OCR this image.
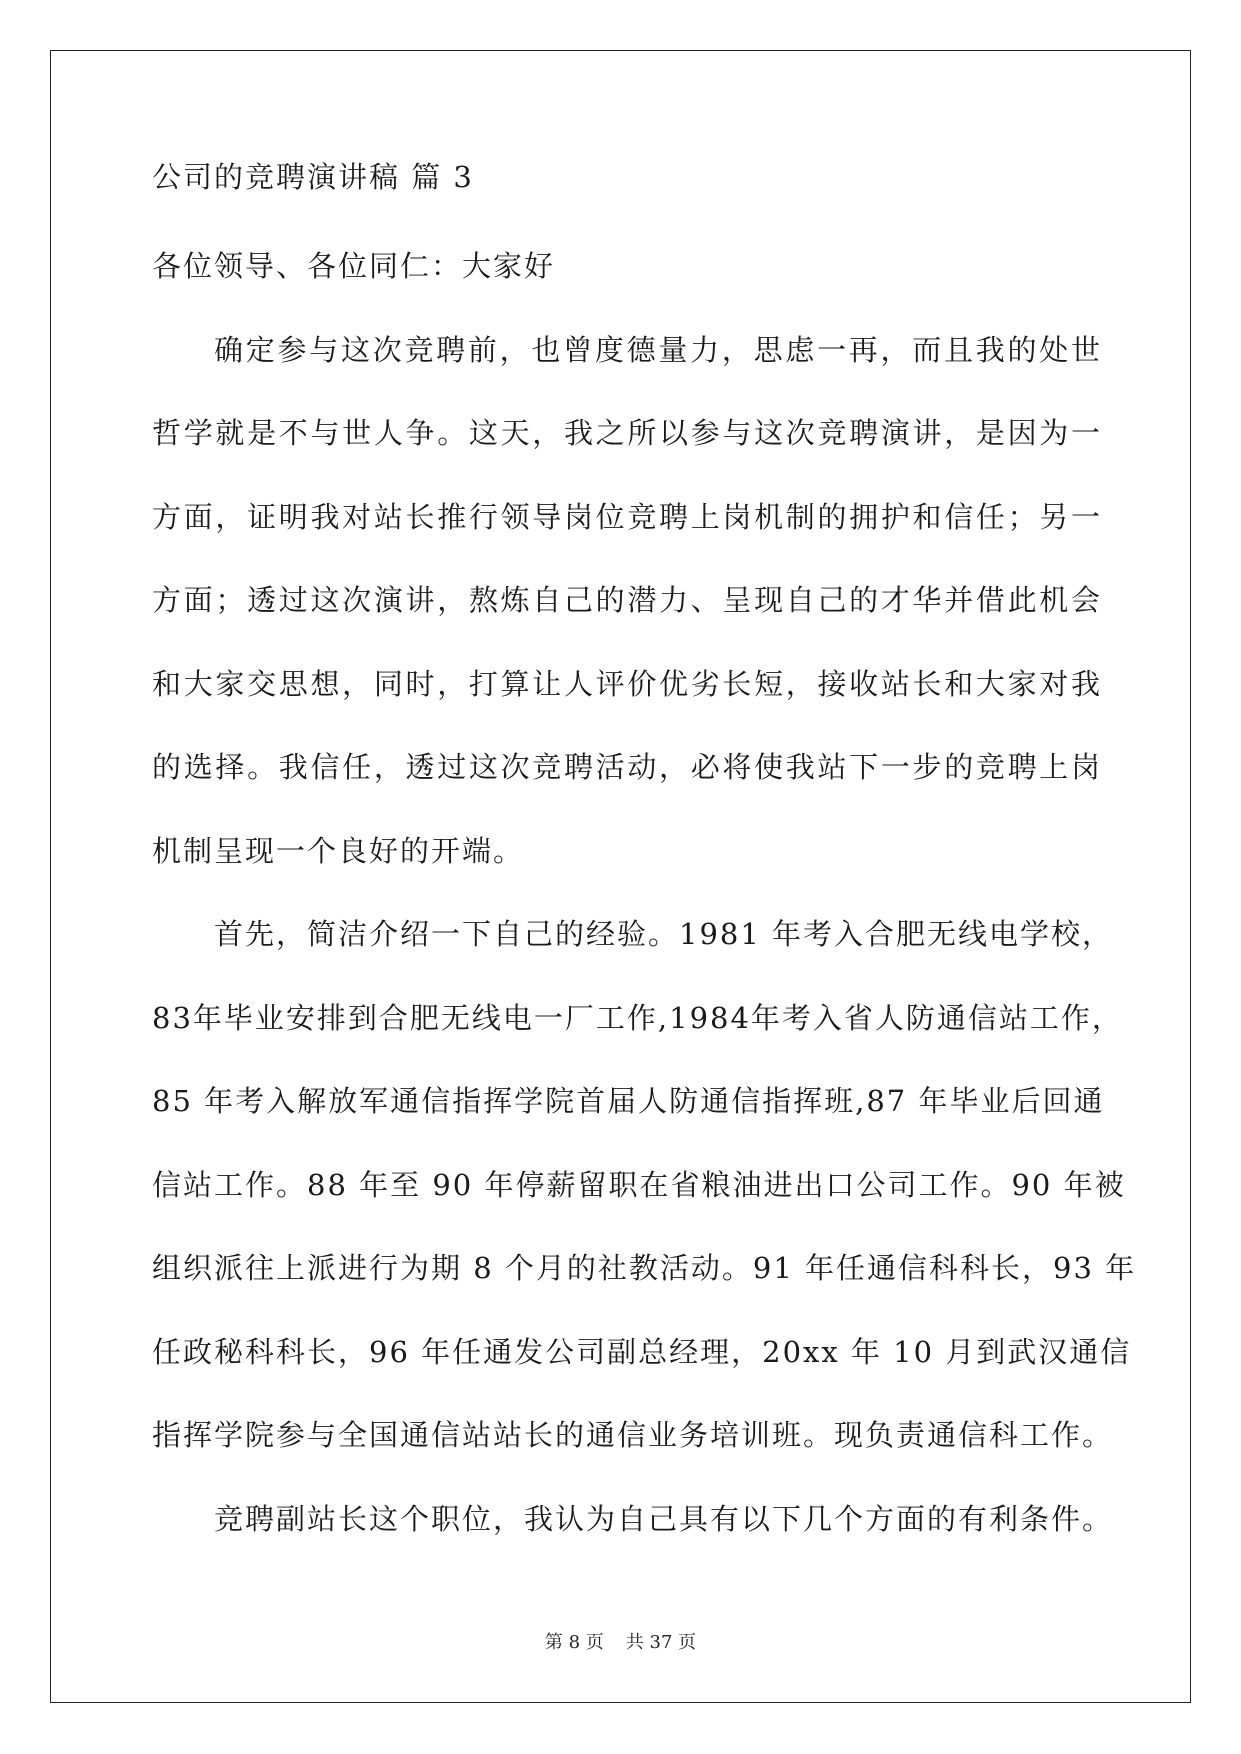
公司的竞聘演讲稿 篇 3
各位领导、各位同仁：大家好
确定参与这次竞聘前，也曾度德量力，思虑一再，而且我的处世
哲学就是不与世人争。这天，我之所以参与这次竞聘演讲，是因为一
方面，证明我对站长推行领导岗位竞聘上岗机制的拥护和信任；另一
方面；透过这次演讲，熬炼自己的潜力、呈现自己的才华并借此机会
和大家交思想，同时，打算让人评价优劣长短，接收站长和大家对我
的选择。我信任，透过这次竞聘活动，必将使我站下一步的竞聘上岗
机制呈现一个良好的开端。
首先，简洁介绍一下自己的经验。1981 年考入合肥无线电学校，
83年毕业安排到合肥无线电一厂工作,1984年考入省人防通信站工作，
85 年考入解放军通信指挥学院首届人防通信指挥班,87 年毕业后回通
信站工作。88 年至 90 年停薪留职在省粮油进出口公司工作。90 年被
组织派往上派进行为期 8 个月的社教活动。91 年任通信科科长，93 年
任政秘科科长，96 年任通发公司副总经理，20xx 年 10 月到武汉通信
指挥学院参与全国通信站站长的通信业务培训班。现负责通信科工作。
竞聘副站长这个职位，我认为自己具有以下几个方面的有利条件。
第 8 页 共 37 页
